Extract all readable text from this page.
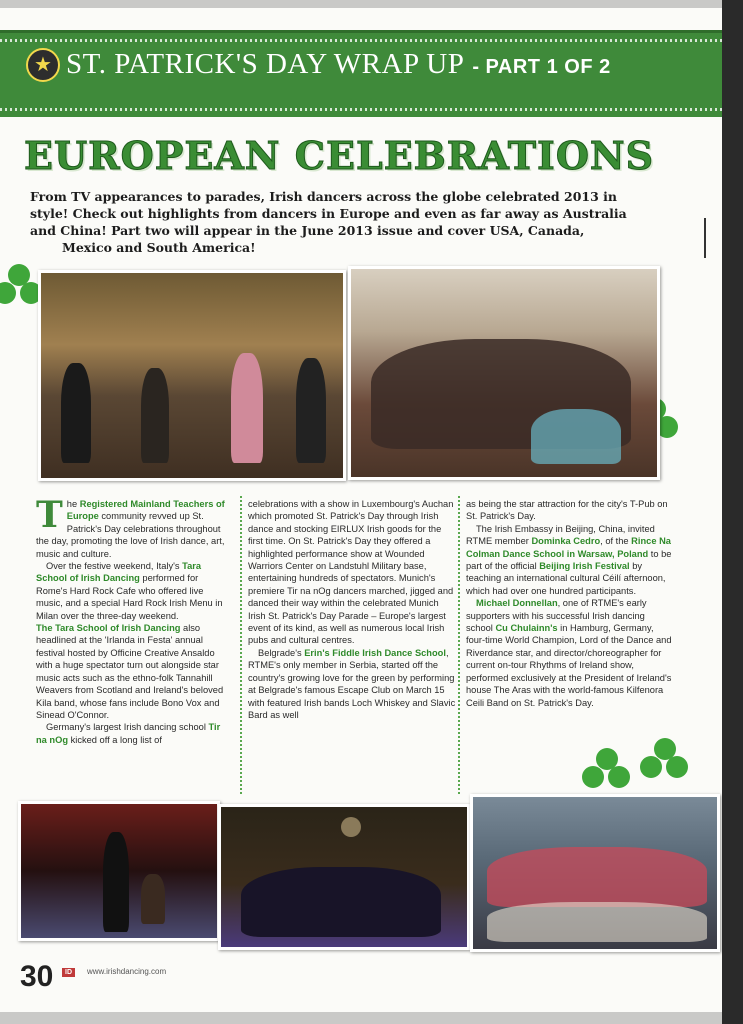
★ ST. PATRICK'S DAY WRAP UP - PART 1 OF 2
EUROPEAN CELEBRATIONS

From TV appearances to parades, Irish dancers across the globe celebrated 2013 in

style! Check out highlights from dancers in Europe and even as far away as Australia

and China! Part two will appear in the June 2013 issue and cover USA, Canada,

Mexico and South America!

The Registered Mainland Teachers of Europe community revved up St. Patrick's Day celebrations throughout the day, promoting the love of Irish dance, art, music and culture.

Over the festive weekend, Italy's Tara School of Irish Dancing performed for Rome's Hard Rock Cafe who offered live music, and a special Hard Rock Irish Menu in Milan over the three-day weekend.

The Tara School of Irish Dancing also headlined at the 'Irlanda in Festa' annual festival hosted by Officine Creative Ansaldo with a huge spectator turn out alongside star music acts such as the ethno-folk Tannahill Weavers from Scotland and Ireland's beloved Kila band, whose fans include Bono Vox and Sinead O'Connor.

Germany's largest Irish dancing school Tir na nOg kicked off a long list of

celebrations with a show in Luxembourg's Auchan which promoted St. Patrick's Day through Irish dance and stocking EIRLUX Irish goods for the first time. On St. Patrick's Day they offered a highlighted performance show at Wounded Warriors Center on Landstuhl Military base, entertaining hundreds of spectators. Munich's premiere Tir na nOg dancers marched, jigged and danced their way within the celebrated Munich Irish St. Patrick's Day Parade – Europe's largest event of its kind, as well as numerous local Irish pubs and cultural centres.

Belgrade's Erin's Fiddle Irish Dance School, RTME's only member in Serbia, started off the country's growing love for the green by performing at Belgrade's famous Escape Club on March 15 with featured Irish bands Loch Whiskey and Slavic Bard as well

as being the star attraction for the city's T-Pub on St. Patrick's Day.

The Irish Embassy in Beijing, China, invited RTME member Dominka Cedro, of the Rince Na Colman Dance School in Warsaw, Poland to be part of the official Beijing Irish Festival by teaching an international cultural Céilí afternoon, which had over one hundred participants.

Michael Donnellan, one of RTME's early supporters with his successful Irish dancing school Cu Chulainn's in Hamburg, Germany, four-time World Champion, Lord of the Dance and Riverdance star, and director/choreographer for current on-tour Rhythms of Ireland show, performed exclusively at the President of Ireland's house The Aras with the world-famous Kilfenora Ceili Band on St. Patrick's Day.

30	ID	www.irishdancing.com
